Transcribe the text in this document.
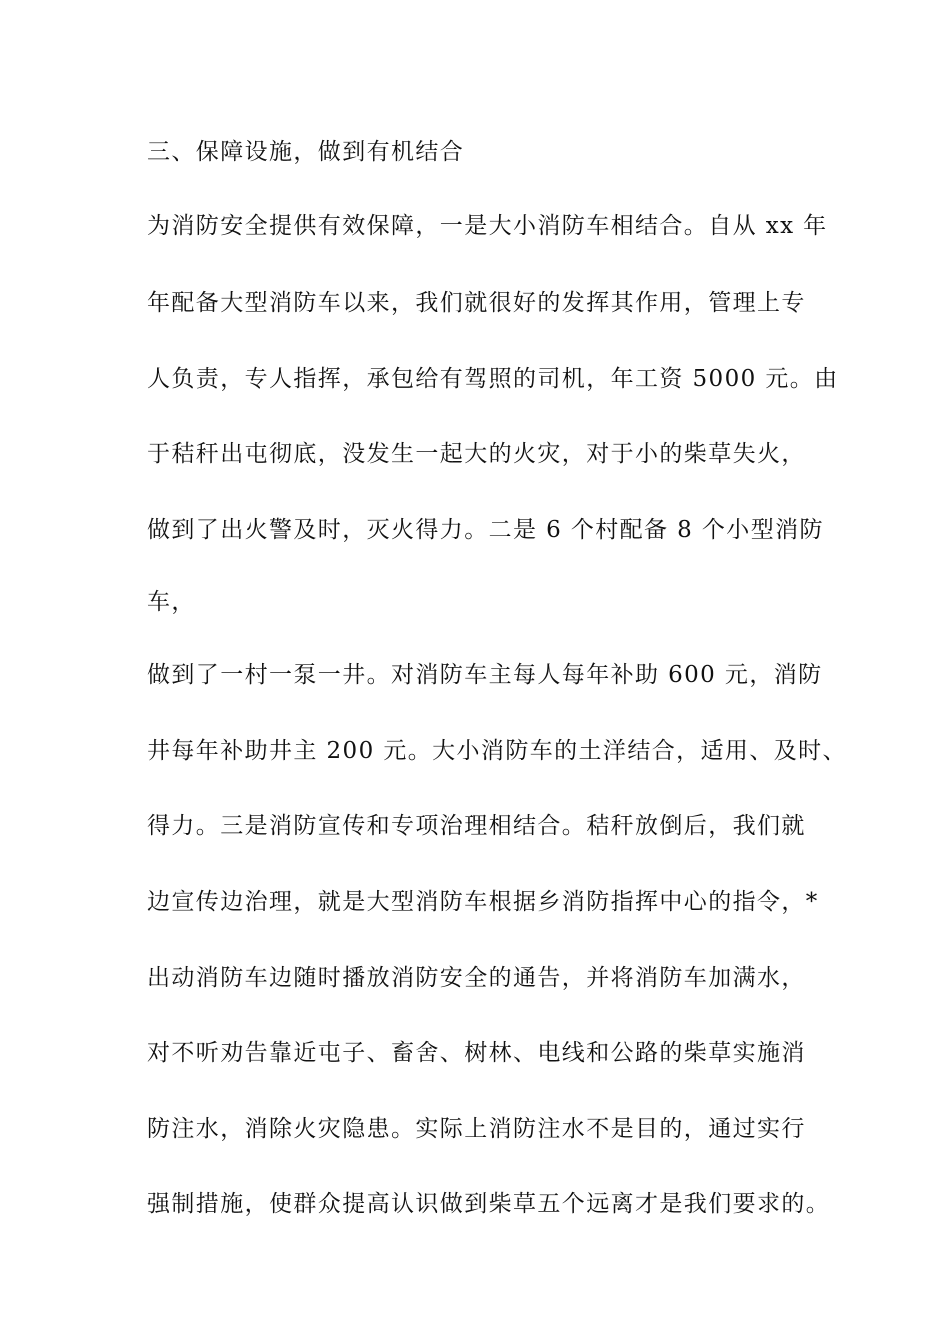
三、保障设施，做到有机结合
为消防安全提供有效保障，一是大小消防车相结合。自从 xx 年
年配备大型消防车以来，我们就很好的发挥其作用，管理上专
人负责，专人指挥，承包给有驾照的司机，年工资 5000 元。由
于秸秆出屯彻底，没发生一起大的火灾，对于小的柴草失火，
做到了出火警及时，灭火得力。二是 6 个村配备 8 个小型消防
车，
做到了一村一泵一井。对消防车主每人每年补助 600 元，消防
井每年补助井主 200 元。大小消防车的土洋结合，适用、及时、
得力。三是消防宣传和专项治理相结合。秸秆放倒后，我们就
边宣传边治理，就是大型消防车根据乡消防指挥中心的指令，*
出动消防车边随时播放消防安全的通告，并将消防车加满水，
对不听劝告靠近屯子、畜舍、树林、电线和公路的柴草实施消
防注水，消除火灾隐患。实际上消防注水不是目的，通过实行
强制措施，使群众提高认识做到柴草五个远离才是我们要求的。
